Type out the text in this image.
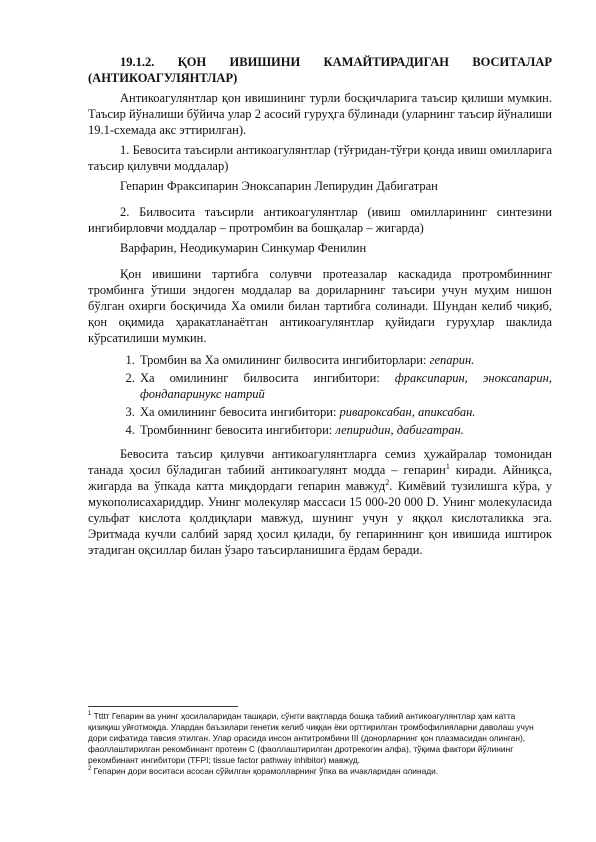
19.1.2. ҚОН ИВИШИНИ КАМАЙТИРАДИГАН ВОСИТАЛАР (АНТИКОАГУЛЯНТЛАР)

Антикоагулянтлар қон ивишининг турли босқичларига таъсир қилиши мумкин. Таъсир йўналиши бўйича улар 2 асосий гуруҳга бўлинади (уларнинг таъсир йўналиши 19.1-схемада акс эттирилган).

1. Бевосита таъсирли антикоагулянтлар (тўғридан-тўғри қонда ивиш омилларига таъсир қилувчи моддалар)

Гепарин Фраксипарин Эноксапарин Лепирудин Дабигатран

2. Билвосита таъсирли антикоагулянтлар (ивиш омилларининг синтезини ингибирловчи моддалар – протромбин ва бошқалар – жигарда)

Варфарин, Неодикумарин Синкумар Фенилин

Қон ивишини тартибга солувчи протеазалар каскадида протромбиннинг тромбинга ўтиши эндоген моддалар ва дориларнинг таъсири учун муҳим нишон бўлган охирги босқичида Ха омили билан тартибга солинади. Шундан келиб чиқиб, қон оқимида ҳаракатланаётган антикоагулянтлар қуйидаги гуруҳлар шаклида кўрсатилиши мумкин.

1. Тромбин ва Ха омилининг билвосита ингибиторлари: гепарин.
2. Ха омилининг билвосита ингибитори: фраксипарин, эноксапарин, фондапаринукс натрий
3. Ха омилининг бевосита ингибитори: ривароксабан, апиксабан.
4. Тромбиннинг бевосита ингибитори: лепиридин, дабигатран.

Бевосита таъсир қилувчи антикоагулянтларга семиз ҳужайралар томонидан танада ҳосил бўладиган табиий антикоагулянт модда – гепарин$^1$ киради. Айниқса, жигарда ва ўпкада катта миқдордаги гепарин мавжуд$^2$. Кимёвий тузилишга кўра, у мукополисахариддир. Унинг молекуляр массаси 15 000-20 000 D. Унинг молекуласида сульфат кислота қолдиқлари мавжуд, шунинг учун у яққол кислоталикка эга. Эритмада кучли салбий заряд ҳосил қилади, бу гепариннинг қон ивишида иштирок этадиган оқсиллар билан ўзаро таъсирланишига ёрдам беради.

$^1$ Тtttт Гепарин ва унинг ҳосилаларидан ташқари, сўнгги вақтларда бошқа табиий антикоагулянтлар ҳам катта қизиқиш уйғотмоқда. Улардан баъзилари генетик келиб чиққан ёки орттирилган тромбофилияларни даволаш учун дори сифатида тавсия этилган. Улар орасида инсон антитромбини III (донорларнинг қон плазмасидан олинган), фаоллаштирилган рекомбинант протеин С (фаоллаштирилган дротрекогин алфа), тўқима фактори йўлининг рекомбинант ингибитори (TFPI; tissue factor pathway inhibitor) мавжуд.
$^2$ Гепарин дори воситаси асосан сўйилган қорамолларнинг ўпка ва ичакларидан олинади.
